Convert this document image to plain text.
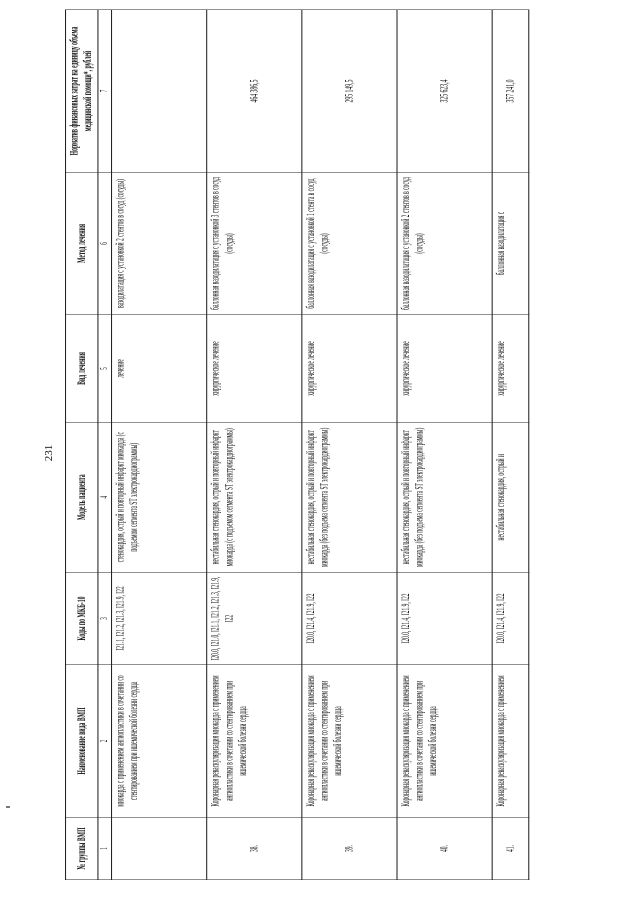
231
№ группы ВМП	Наименование вида ВМП	Коды по МКБ-10	Модель пациента	Вид лечения	Метод лечения	Норматив финансовых затрат на единицу объема медицинской помощи*, рублей
1	2	3	4	5	6	7
	миокарда с применением ангиопластики в сочетании со стентированием при ишемической болезни сердца	I21.1, I21.2, I21.3, I21.9, I22	стенокардия, острый и повторный инфаркт миокарда (с подъемом сегмента ST электрокардиограммы)	лечение	вазодилатация с установкой 2 стентов в сосуд (сосуды)	
38.	Коронарная реваскуляризация миокарда с применением ангиопластики в сочетании со стентированием при ишемической болезни сердца	I20.0, I21.0, I21.1, I21.2, I21.3, I21.9, I22	нестабильная стенокардия, острый и повторный инфаркт миокарда (с подъемом сегмента ST электрокардиограммы)	хирургическое лечение	баллонная вазодилатация с установкой 3 стентов в сосуд (сосуды)	464 386,5
39.	Коронарная реваскуляризация миокарда с применением ангиопластики в сочетании со стентированием при ишемической болезни сердца	I20.0, I21.4, I21.9, I22	нестабильная стенокардия, острый и повторный инфаркт миокарда (без подъема сегмента ST электрокардиограммы)	хирургическое лечение	баллонная вазодилатация с установкой 1 стента в сосуд (сосуды)	295 149,5
40.	Коронарная реваскуляризация миокарда с применением ангиопластики в сочетании со стентированием при ишемической болезни сердца	I20.0, I21.4, I21.9, I22	нестабильная стенокардия, острый и повторный инфаркт миокарда (без подъема сегмента ST электрокардиограммы)	хирургическое лечение	баллонная вазодилатация с установкой 2 стентов в сосуд (сосуды)	325 623,4
41.	Коронарная реваскуляризация миокарда с применением	I20.0, I21.4, I21.9, I22	нестабильная стенокардия, острый и	хирургическое лечение	баллонная вазодилатация с	357 241,0
